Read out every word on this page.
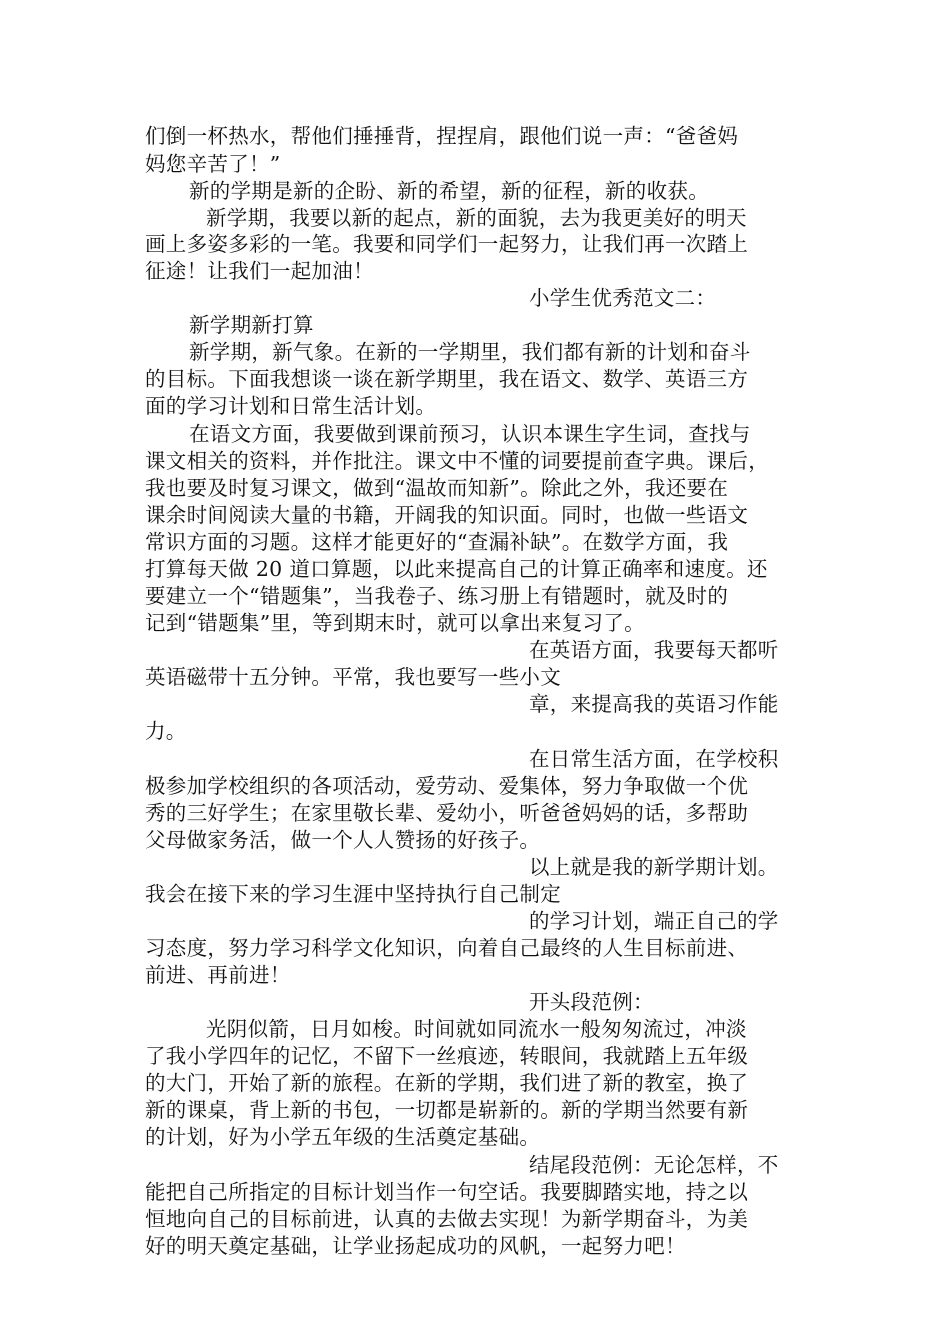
们倒一杯热水，帮他们捶捶背，捏捏肩，跟他们说一声：“爸爸妈
妈您辛苦了！”
新的学期是新的企盼、新的希望，新的征程，新的收获。
新学期，我要以新的起点，新的面貌，去为我更美好的明天
画上多姿多彩的一笔。我要和同学们一起努力，让我们再一次踏上
征途！让我们一起加油！
小学生优秀范文二：
新学期新打算
新学期，新气象。在新的一学期里，我们都有新的计划和奋斗
的目标。下面我想谈一谈在新学期里，我在语文、数学、英语三方
面的学习计划和日常生活计划。
在语文方面，我要做到课前预习，认识本课生字生词，查找与
课文相关的资料，并作批注。课文中不懂的词要提前查字典。课后，
我也要及时复习课文，做到“温故而知新”。除此之外，我还要在
课余时间阅读大量的书籍，开阔我的知识面。同时，也做一些语文
常识方面的习题。这样才能更好的“查漏补缺”。在数学方面，我
打算每天做 20 道口算题，以此来提高自己的计算正确率和速度。还
要建立一个“错题集”，当我卷子、练习册上有错题时，就及时的
记到“错题集”里，等到期末时，就可以拿出来复习了。
在英语方面，我要每天都听
英语磁带十五分钟。平常，我也要写一些小文
章，来提高我的英语习作能
力。
在日常生活方面，在学校积
极参加学校组织的各项活动，爱劳动、爱集体，努力争取做一个优
秀的三好学生；在家里敬长辈、爱幼小，听爸爸妈妈的话，多帮助
父母做家务活，做一个人人赞扬的好孩子。
以上就是我的新学期计划。
我会在接下来的学习生涯中坚持执行自己制定
的学习计划，端正自己的学
习态度，努力学习科学文化知识，向着自己最终的人生目标前进、
前进、再前进！
开头段范例：
光阴似箭，日月如梭。时间就如同流水一般匆匆流过，冲淡
了我小学四年的记忆，不留下一丝痕迹，转眼间，我就踏上五年级
的大门，开始了新的旅程。在新的学期，我们进了新的教室，换了
新的课桌，背上新的书包，一切都是崭新的。新的学期当然要有新
的计划，好为小学五年级的生活奠定基础。
结尾段范例：无论怎样，不
能把自己所指定的目标计划当作一句空话。我要脚踏实地，持之以
恒地向自己的目标前进，认真的去做去实现！为新学期奋斗，为美
好的明天奠定基础，让学业扬起成功的风帆，一起努力吧！
